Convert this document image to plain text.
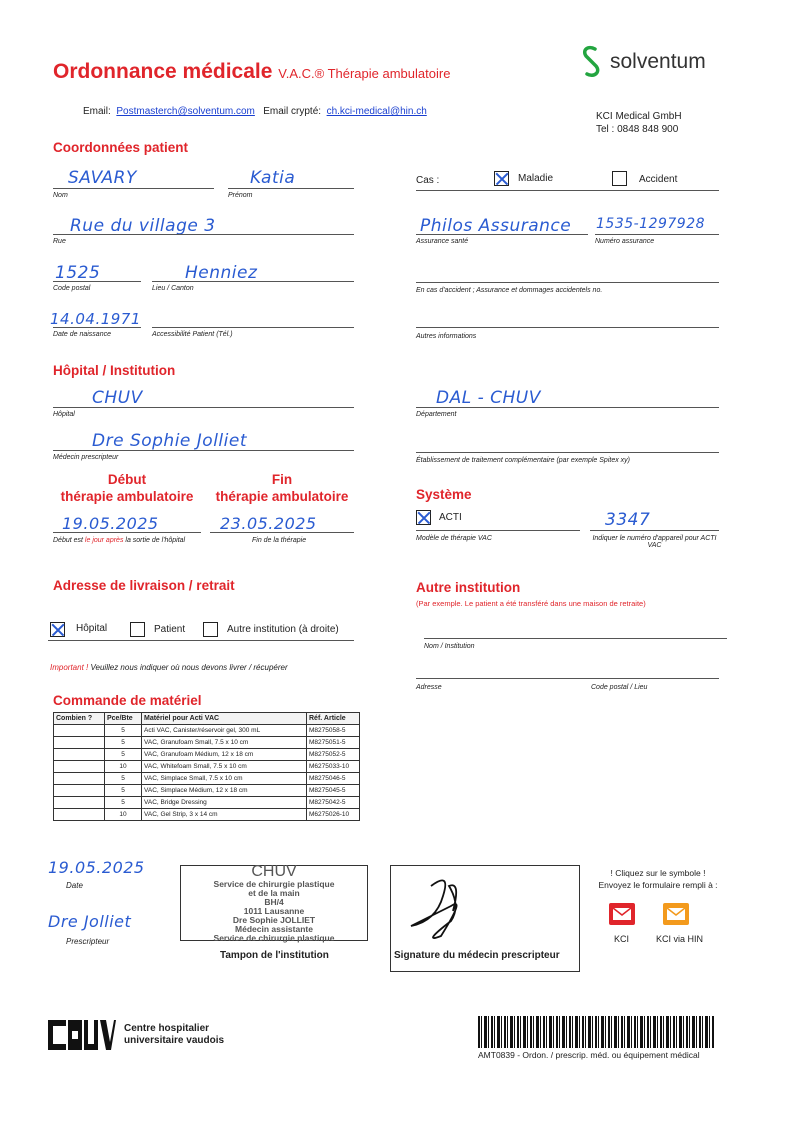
Ordonnance médicale V.A.C.® Thérapie ambulatoire
solventum
Email: Postmasterch@solventum.com Email crypté: ch.kci-medical@hin.ch	KCI Medical GmbH
Tel : 0848 848 900
Coordonnées patient
SAVARY
Nom
Katia
Prénom
Rue du village 3
Rue
1525
Code postal
Henniez
Lieu / Canton
14.04.1971
Date de naissance	Accessibilité Patient (Tél.)
Cas :	Maladie	Accident
Philos Assurance
Assurance santé
1535-1297928
Numéro assurance
En cas d'accident ; Assurance et dommages accidentels no.
Autres informations
Hôpital / Institution
CHUV
Hôpital
Dre Sophie Jolliet
Médecin prescripteur
DAL - CHUV
Département
Établissement de traitement complémentaire (par exemple Spitex xy)
Début
thérapie ambulatoire
Fin
thérapie ambulatoire
19.05.2025
Début est le jour après la sortie de l'hôpital
23.05.2025
Fin de la thérapie
Système
ACTI
Modèle de thérapie VAC
3347
Indiquer le numéro d'appareil pour ACTI VAC
Adresse de livraison / retrait
Hôpital	Patient	Autre institution (à droite)
Important ! Veuillez nous indiquer où nous devons livrer / récupérer
Autre institution
(Par exemple. Le patient a été transféré dans une maison de retraite)
Nom / Institution
Adresse	Code postal / Lieu
Commande de matériel
Combien ?	Pce/Bte	Matériel pour Acti VAC	Réf. Article
	5	Acti VAC, Canister/réservoir gel, 300 mL	M8275058-5
	5	VAC, Granufoam Small, 7.5 x 10 cm	M8275051-5
	5	VAC, Granufoam Médium, 12 x 18 cm	M8275052-5
	10	VAC, Whitefoam Small, 7.5 x 10 cm	M6275033-10
	5	VAC, Simplace Small, 7.5 x 10 cm	M8275046-5
	5	VAC, Simplace Médium, 12 x 18 cm	M8275045-5
	5	VAC, Bridge Dressing	M8275042-5
	10	VAC, Gel Strip, 3 x 14 cm	M6275026-10
19.05.2025
Date
Dre Jolliet
Prescripteur
CHUV
Service de chirurgie plastique
et de la main
BH/4
1011 Lausanne
Dre Sophie JOLLIET
Médecin assistante
Service de chirurgie plastique
Tampon de l'institution	Signature du médecin prescripteur
! Cliquez sur le symbole !
Envoyez le formulaire rempli à :
KCI	KCI via HIN
Centre hospitalier
universitaire vaudois
AMT0839 - Ordon. / prescrip. méd. ou équipement médical
